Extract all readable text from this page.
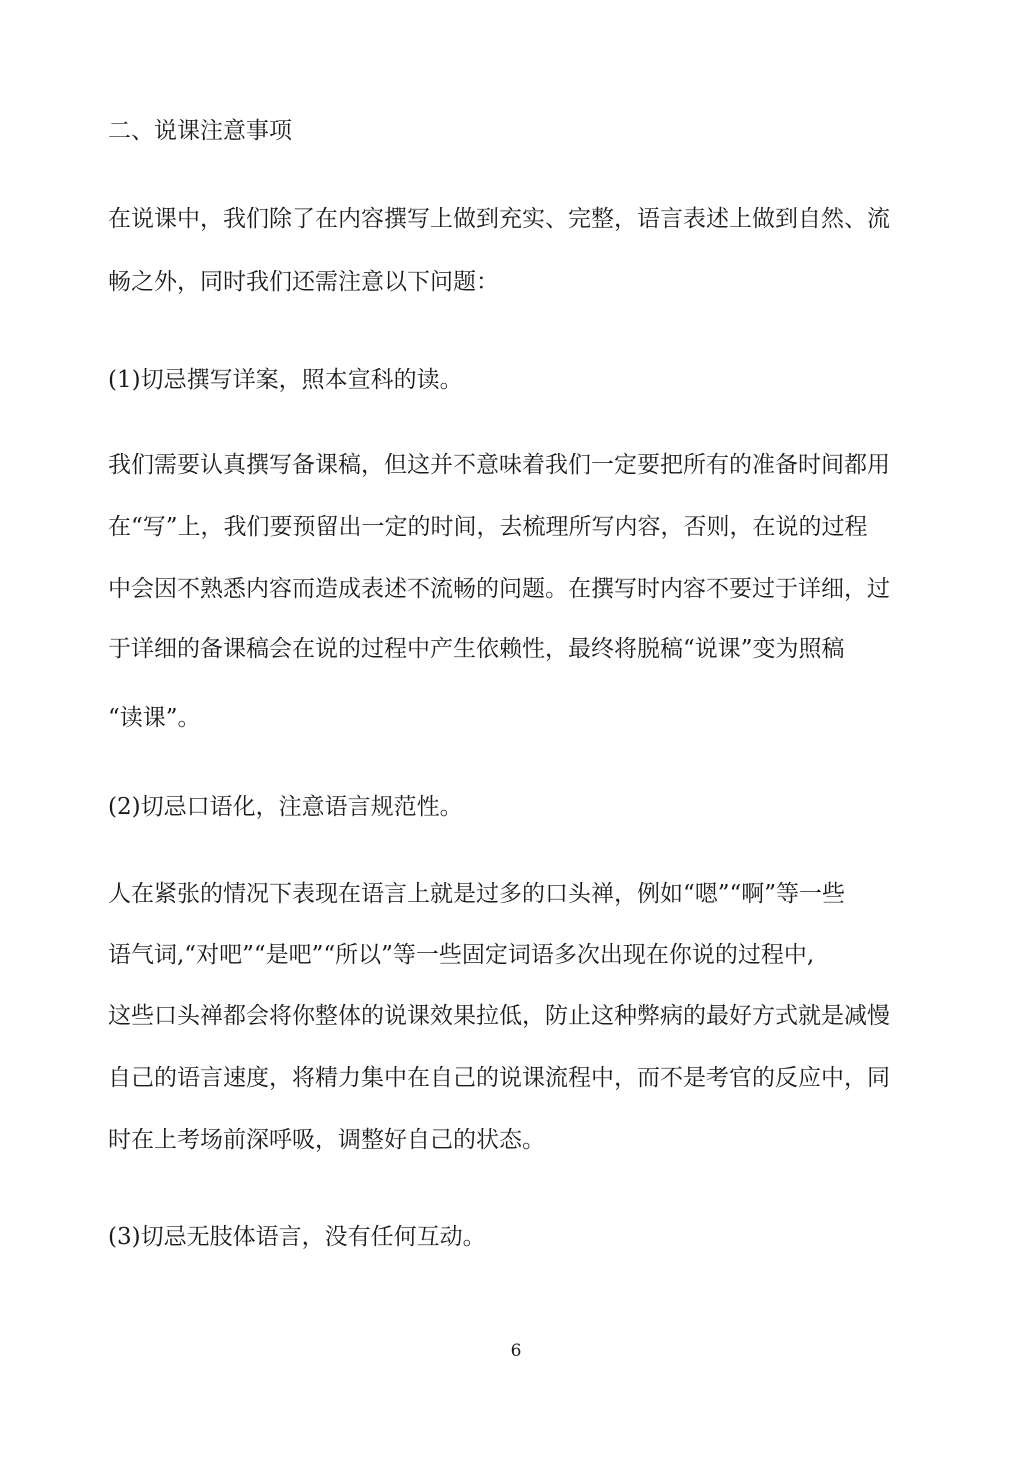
二、说课注意事项

在说课中，我们除了在内容撰写上做到充实、完整，语言表述上做到自然、流

畅之外，同时我们还需注意以下问题：

(1)切忌撰写详案，照本宣科的读。

我们需要认真撰写备课稿，但这并不意味着我们一定要把所有的准备时间都用

在“写”上，我们要预留出一定的时间，去梳理所写内容，否则，在说的过程

中会因不熟悉内容而造成表述不流畅的问题。在撰写时内容不要过于详细，过

于详细的备课稿会在说的过程中产生依赖性，最终将脱稿“说课”变为照稿

“读课”。

(2)切忌口语化，注意语言规范性。

人在紧张的情况下表现在语言上就是过多的口头禅，例如“嗯”“啊”等一些

语气词,“对吧”“是吧”“所以”等一些固定词语多次出现在你说的过程中,

这些口头禅都会将你整体的说课效果拉低，防止这种弊病的最好方式就是减慢

自己的语言速度，将精力集中在自己的说课流程中，而不是考官的反应中，同

时在上考场前深呼吸，调整好自己的状态。

(3)切忌无肢体语言，没有任何互动。

6
